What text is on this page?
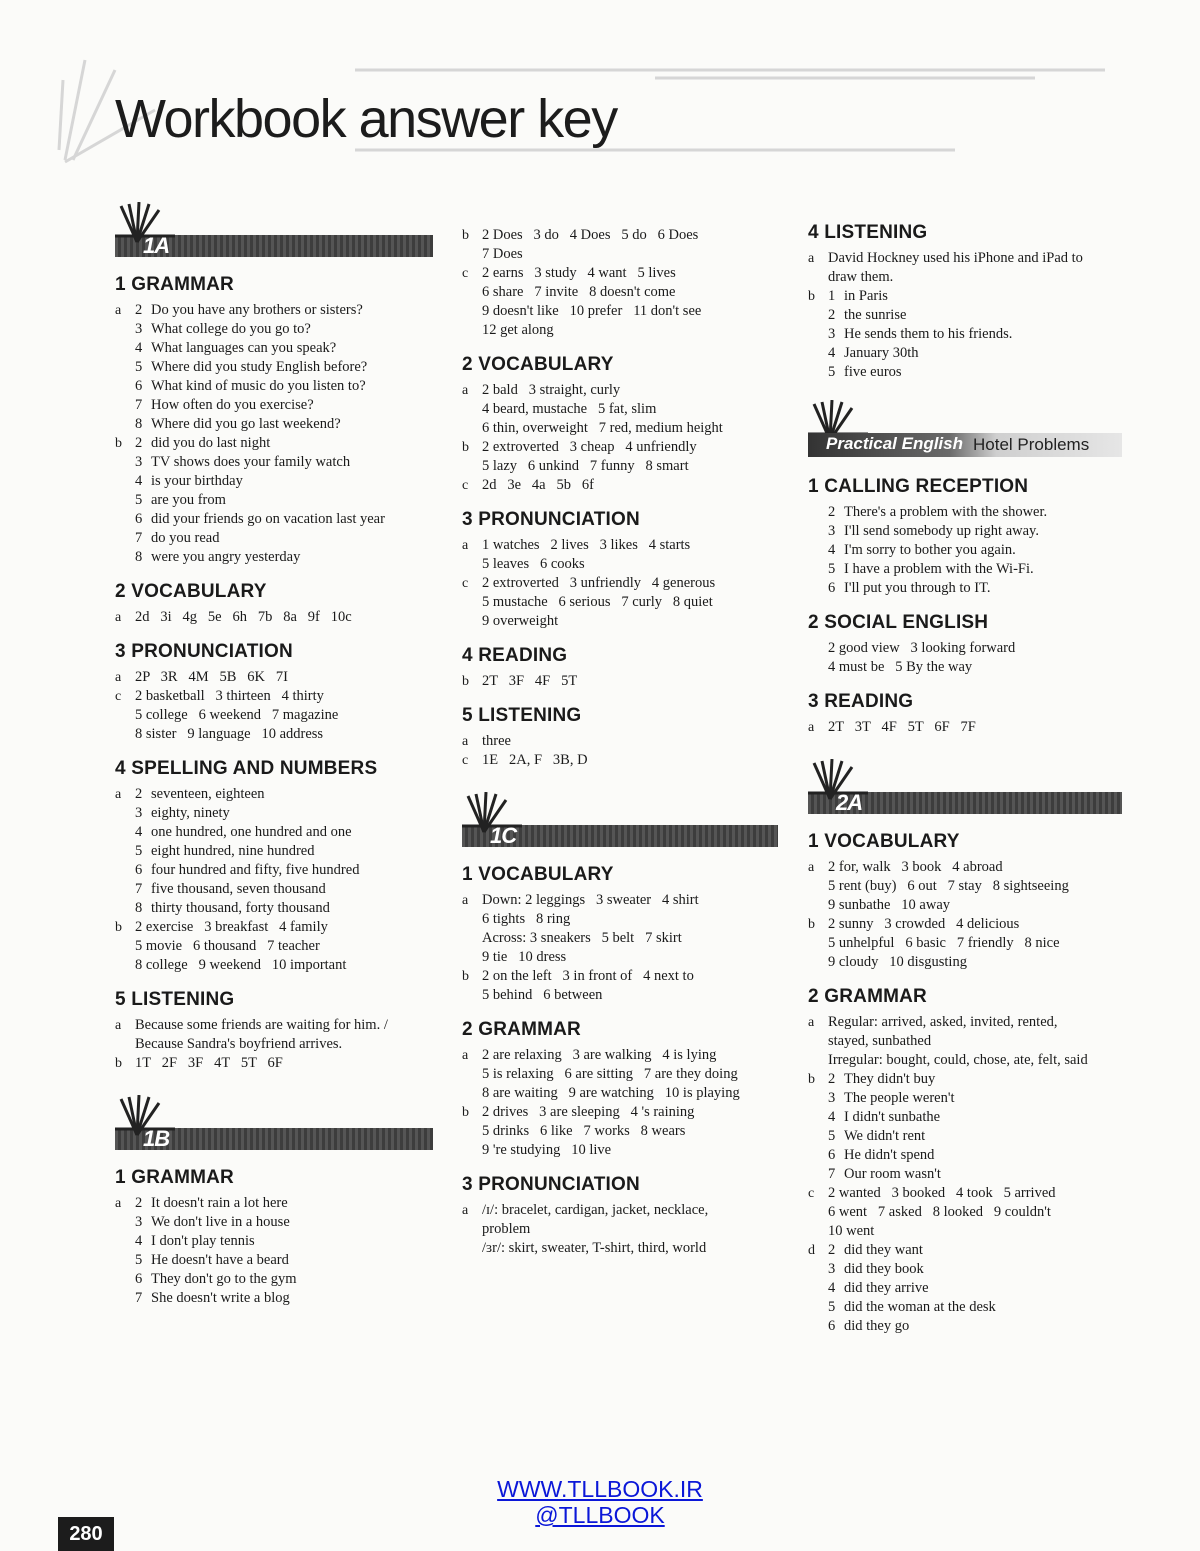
Workbook answer key
1A
1 GRAMMAR
a 2 Do you have any brothers or sisters?
3 What college do you go to?
4 What languages can you speak?
5 Where did you study English before?
6 What kind of music do you listen to?
7 How often do you exercise?
8 Where did you go last weekend?
b 2 did you do last night
3 TV shows does your family watch
4 is your birthday
5 are you from
6 did your friends go on vacation last year
7 do you read
8 were you angry yesterday
2 VOCABULARY
a 2d   3i   4g   5e   6h   7b   8a   9f   10c
3 PRONUNCIATION
a 2P   3R   4M   5B   6K   7I
c 2 basketball   3 thirteen   4 thirty
5 college   6 weekend   7 magazine
8 sister   9 language   10 address
4 SPELLING AND NUMBERS
a 2 seventeen, eighteen
3 eighty, ninety
4 one hundred, one hundred and one
5 eight hundred, nine hundred
6 four hundred and fifty, five hundred
7 five thousand, seven thousand
8 thirty thousand, forty thousand
b 2 exercise   3 breakfast   4 family
5 movie   6 thousand   7 teacher
8 college   9 weekend   10 important
5 LISTENING
a Because some friends are waiting for him. /
Because Sandra's boyfriend arrives.
b 1T   2F   3F   4T   5T   6F
1B
1 GRAMMAR
a 2 It doesn't rain a lot here
3 We don't live in a house
4 I don't play tennis
5 He doesn't have a beard
6 They don't go to the gym
7 She doesn't write a blog
b 2 Does   3 do   4 Does   5 do   6 Does
7 Does
c 2 earns   3 study   4 want   5 lives
6 share   7 invite   8 doesn't come
9 doesn't like   10 prefer   11 don't see
12 get along
2 VOCABULARY
a 2 bald   3 straight, curly
4 beard, mustache   5 fat, slim
6 thin, overweight   7 red, medium height
b 2 extroverted   3 cheap   4 unfriendly
5 lazy   6 unkind   7 funny   8 smart
c 2d   3e   4a   5b   6f
3 PRONUNCIATION
a 1 watches   2 lives   3 likes   4 starts
5 leaves   6 cooks
c 2 extroverted   3 unfriendly   4 generous
5 mustache   6 serious   7 curly   8 quiet
9 overweight
4 READING
b 2T   3F   4F   5T
5 LISTENING
a three
c 1E   2A, F   3B, D
1C
1 VOCABULARY
a Down: 2 leggings   3 sweater   4 shirt
6 tights   8 ring
Across: 3 sneakers   5 belt   7 skirt
9 tie   10 dress
b 2 on the left   3 in front of   4 next to
5 behind   6 between
2 GRAMMAR
a 2 are relaxing   3 are walking   4 is lying
5 is relaxing   6 are sitting   7 are they doing
8 are waiting   9 are watching   10 is playing
b 2 drives   3 are sleeping   4 's raining
5 drinks   6 like   7 works   8 wears
9 're studying   10 live
3 PRONUNCIATION
a /ɪ/: bracelet, cardigan, jacket, necklace,
problem
/ɜr/: skirt, sweater, T-shirt, third, world
4 LISTENING
a David Hockney used his iPhone and iPad to
draw them.
b 1 in Paris
2 the sunrise
3 He sends them to his friends.
4 January 30th
5 five euros
Practical English Hotel Problems
1 CALLING RECEPTION
2 There's a problem with the shower.
3 I'll send somebody up right away.
4 I'm sorry to bother you again.
5 I have a problem with the Wi-Fi.
6 I'll put you through to IT.
2 SOCIAL ENGLISH
2 good view   3 looking forward
4 must be   5 By the way
3 READING
a 2T   3T   4F   5T   6F   7F
2A
1 VOCABULARY
a 2 for, walk   3 book   4 abroad
5 rent (buy)   6 out   7 stay   8 sightseeing
9 sunbathe   10 away
b 2 sunny   3 crowded   4 delicious
5 unhelpful   6 basic   7 friendly   8 nice
9 cloudy   10 disgusting
2 GRAMMAR
a Regular: arrived, asked, invited, rented,
stayed, sunbathed
Irregular: bought, could, chose, ate, felt, said
b 2 They didn't buy
3 The people weren't
4 I didn't sunbathe
5 We didn't rent
6 He didn't spend
7 Our room wasn't
c 2 wanted   3 booked   4 took   5 arrived
6 went   7 asked   8 looked   9 couldn't
10 went
d 2 did they want
3 did they book
4 did they arrive
5 did the woman at the desk
6 did they go
WWW.TLLBOOK.IR
@TLLBOOK
280
